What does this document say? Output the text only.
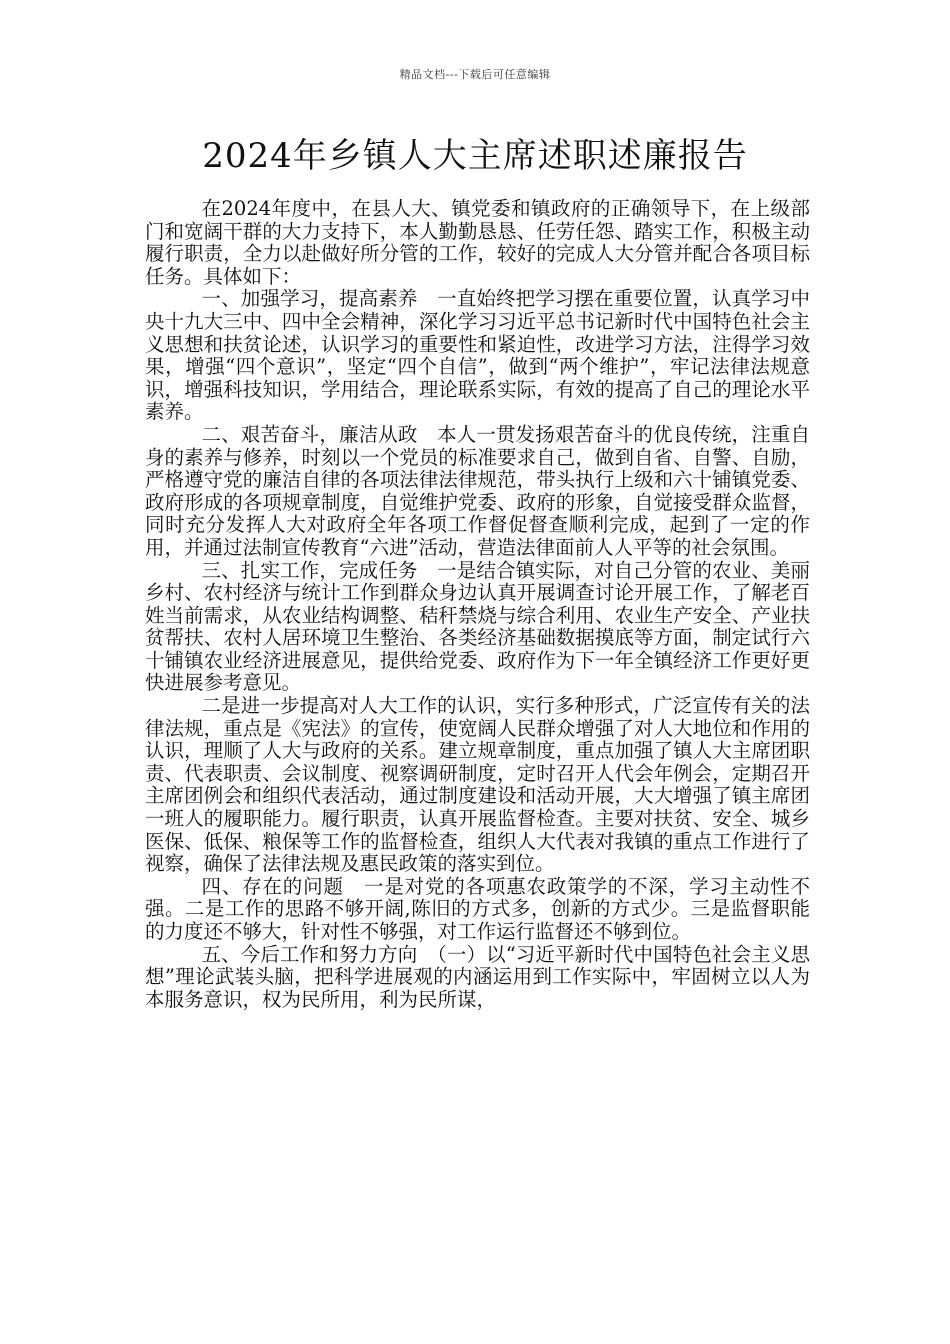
精品文档---下载后可任意编辑
2024年乡镇人大主席述职述廉报告

在2024年度中，在县人大、镇党委和镇政府的正确领导下，在上级部门和宽阔干群的大力支持下，本人勤勤恳恳、任劳任怨、踏实工作，积极主动履行职责，全力以赴做好所分管的工作，较好的完成人大分管并配合各项目标任务。具体如下：

一、加强学习，提高素养　一直始终把学习摆在重要位置，认真学习中央十九大三中、四中全会精神，深化学习习近平总书记新时代中国特色社会主义思想和扶贫论述，认识学习的重要性和紧迫性，改进学习方法，注得学习效果，增强“四个意识”，坚定“四个自信”，做到“两个维护”，牢记法律法规意识，增强科技知识，学用结合，理论联系实际，有效的提高了自己的理论水平素养。

二、艰苦奋斗，廉洁从政　本人一贯发扬艰苦奋斗的优良传统，注重自身的素养与修养，时刻以一个党员的标准要求自己，做到自省、自警、自励，严格遵守党的廉洁自律的各项法律法律规范，带头执行上级和六十铺镇党委、政府形成的各项规章制度，自觉维护党委、政府的形象，自觉接受群众监督，同时充分发挥人大对政府全年各项工作督促督查顺利完成，起到了一定的作用，并通过法制宣传教育“六进”活动，营造法律面前人人平等的社会氛围。

三、扎实工作，完成任务　一是结合镇实际，对自己分管的农业、美丽乡村、农村经济与统计工作到群众身边认真开展调查讨论开展工作，了解老百姓当前需求，从农业结构调整、秸秆禁烧与综合利用、农业生产安全、产业扶贫帮扶、农村人居环境卫生整治、各类经济基础数据摸底等方面，制定试行六十铺镇农业经济进展意见，提供给党委、政府作为下一年全镇经济工作更好更快进展参考意见。

二是进一步提高对人大工作的认识，实行多种形式，广泛宣传有关的法律法规，重点是《宪法》的宣传，使宽阔人民群众增强了对人大地位和作用的认识，理顺了人大与政府的关系。建立规章制度，重点加强了镇人大主席团职责、代表职责、会议制度、视察调研制度，定时召开人代会年例会，定期召开主席团例会和组织代表活动，通过制度建设和活动开展，大大增强了镇主席团一班人的履职能力。履行职责，认真开展监督检查。主要对扶贫、安全、城乡医保、低保、粮保等工作的监督检查，组织人大代表对我镇的重点工作进行了视察，确保了法律法规及惠民政策的落实到位。

四、存在的问题　一是对党的各项惠农政策学的不深，学习主动性不强。二是工作的思路不够开阔,陈旧的方式多，创新的方式少。三是监督职能的力度还不够大，针对性不够强，对工作运行监督还不够到位。

五、今后工作和努力方向　（一）以“习近平新时代中国特色社会主义思想”理论武装头脑，把科学进展观的内涵运用到工作实际中，牢固树立以人为本服务意识，权为民所用，利为民所谋，
